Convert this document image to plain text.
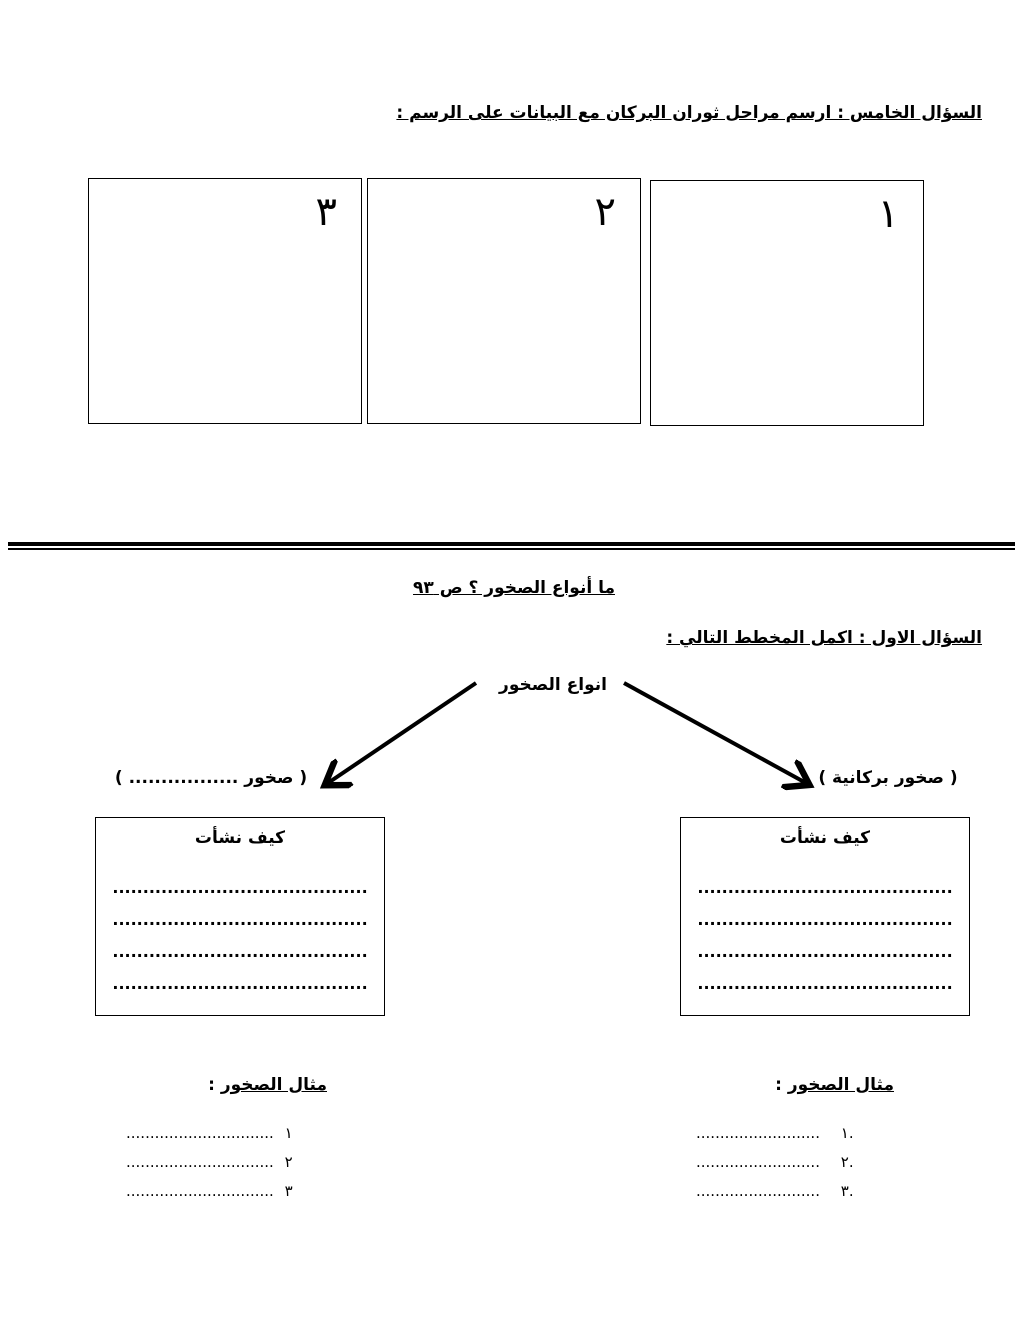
السؤال الخامس : ارسم مراحل ثوران البركان مع البيانات على الرسم :
١
٢
٣
ما أنواع الصخور ؟ ص ٩٣
السؤال الاول : اكمل المخطط التالي :
انواع الصخور
( صخور بركانية )
( صخور ................. )
كيف نشأت
..........................................
..........................................
..........................................
..........................................
كيف نشأت
..........................................
..........................................
..........................................
..........................................
مثال الصخور :
مثال الصخور :
.......................... ١.
.......................... ٢.
.......................... ٣.
............................... ١
............................... ٢
............................... ٣
